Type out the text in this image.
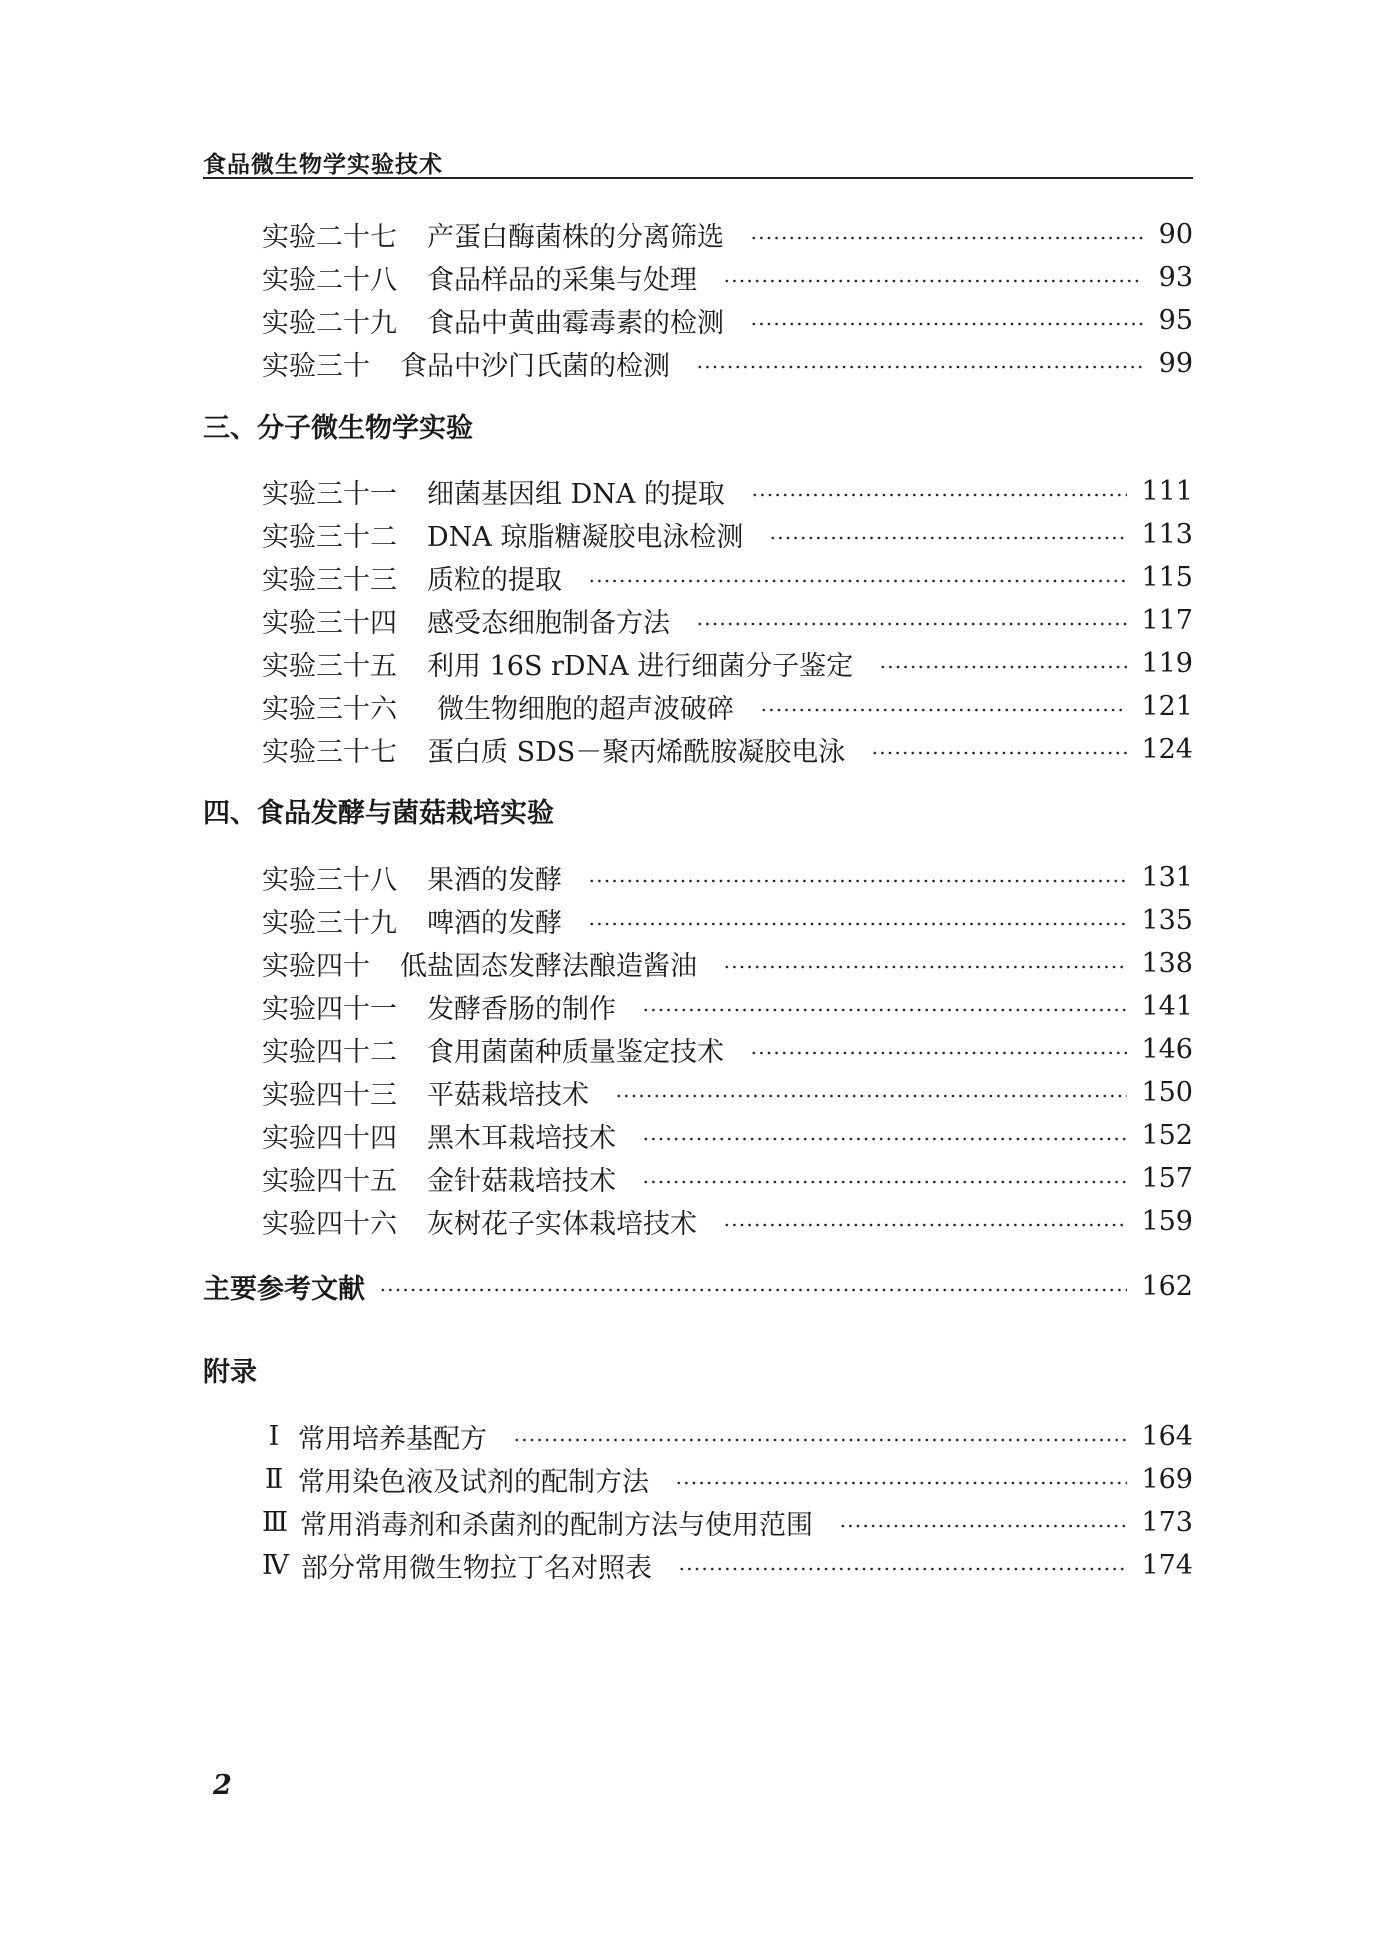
食品微生物学实验技术
实验二十七 产蛋白酶菌株的分离筛选	90
实验二十八 食品样品的采集与处理	93
实验二十九 食品中黄曲霉毒素的检测	95
实验三十 食品中沙门氏菌的检测	99
三、分子微生物学实验
实验三十一 细菌基因组 DNA 的提取	111
实验三十二 DNA 琼脂糖凝胶电泳检测	113
实验三十三 质粒的提取	115
实验三十四 感受态细胞制备方法	117
实验三十五 利用 16S rDNA 进行细菌分子鉴定	119
实验三十六 微生物细胞的超声波破碎	121
实验三十七 蛋白质 SDS－聚丙烯酰胺凝胶电泳	124
四、食品发酵与菌菇栽培实验
实验三十八 果酒的发酵	131
实验三十九 啤酒的发酵	135
实验四十 低盐固态发酵法酿造酱油	138
实验四十一 发酵香肠的制作	141
实验四十二 食用菌菌种质量鉴定技术	146
实验四十三 平菇栽培技术	150
实验四十四 黑木耳栽培技术	152
实验四十五 金针菇栽培技术	157
实验四十六 灰树花子实体栽培技术	159
主要参考文献	162
附录
Ⅰ 常用培养基配方	164
Ⅱ 常用染色液及试剂的配制方法	169
Ⅲ 常用消毒剂和杀菌剂的配制方法与使用范围	173
Ⅳ 部分常用微生物拉丁名对照表	174
2
